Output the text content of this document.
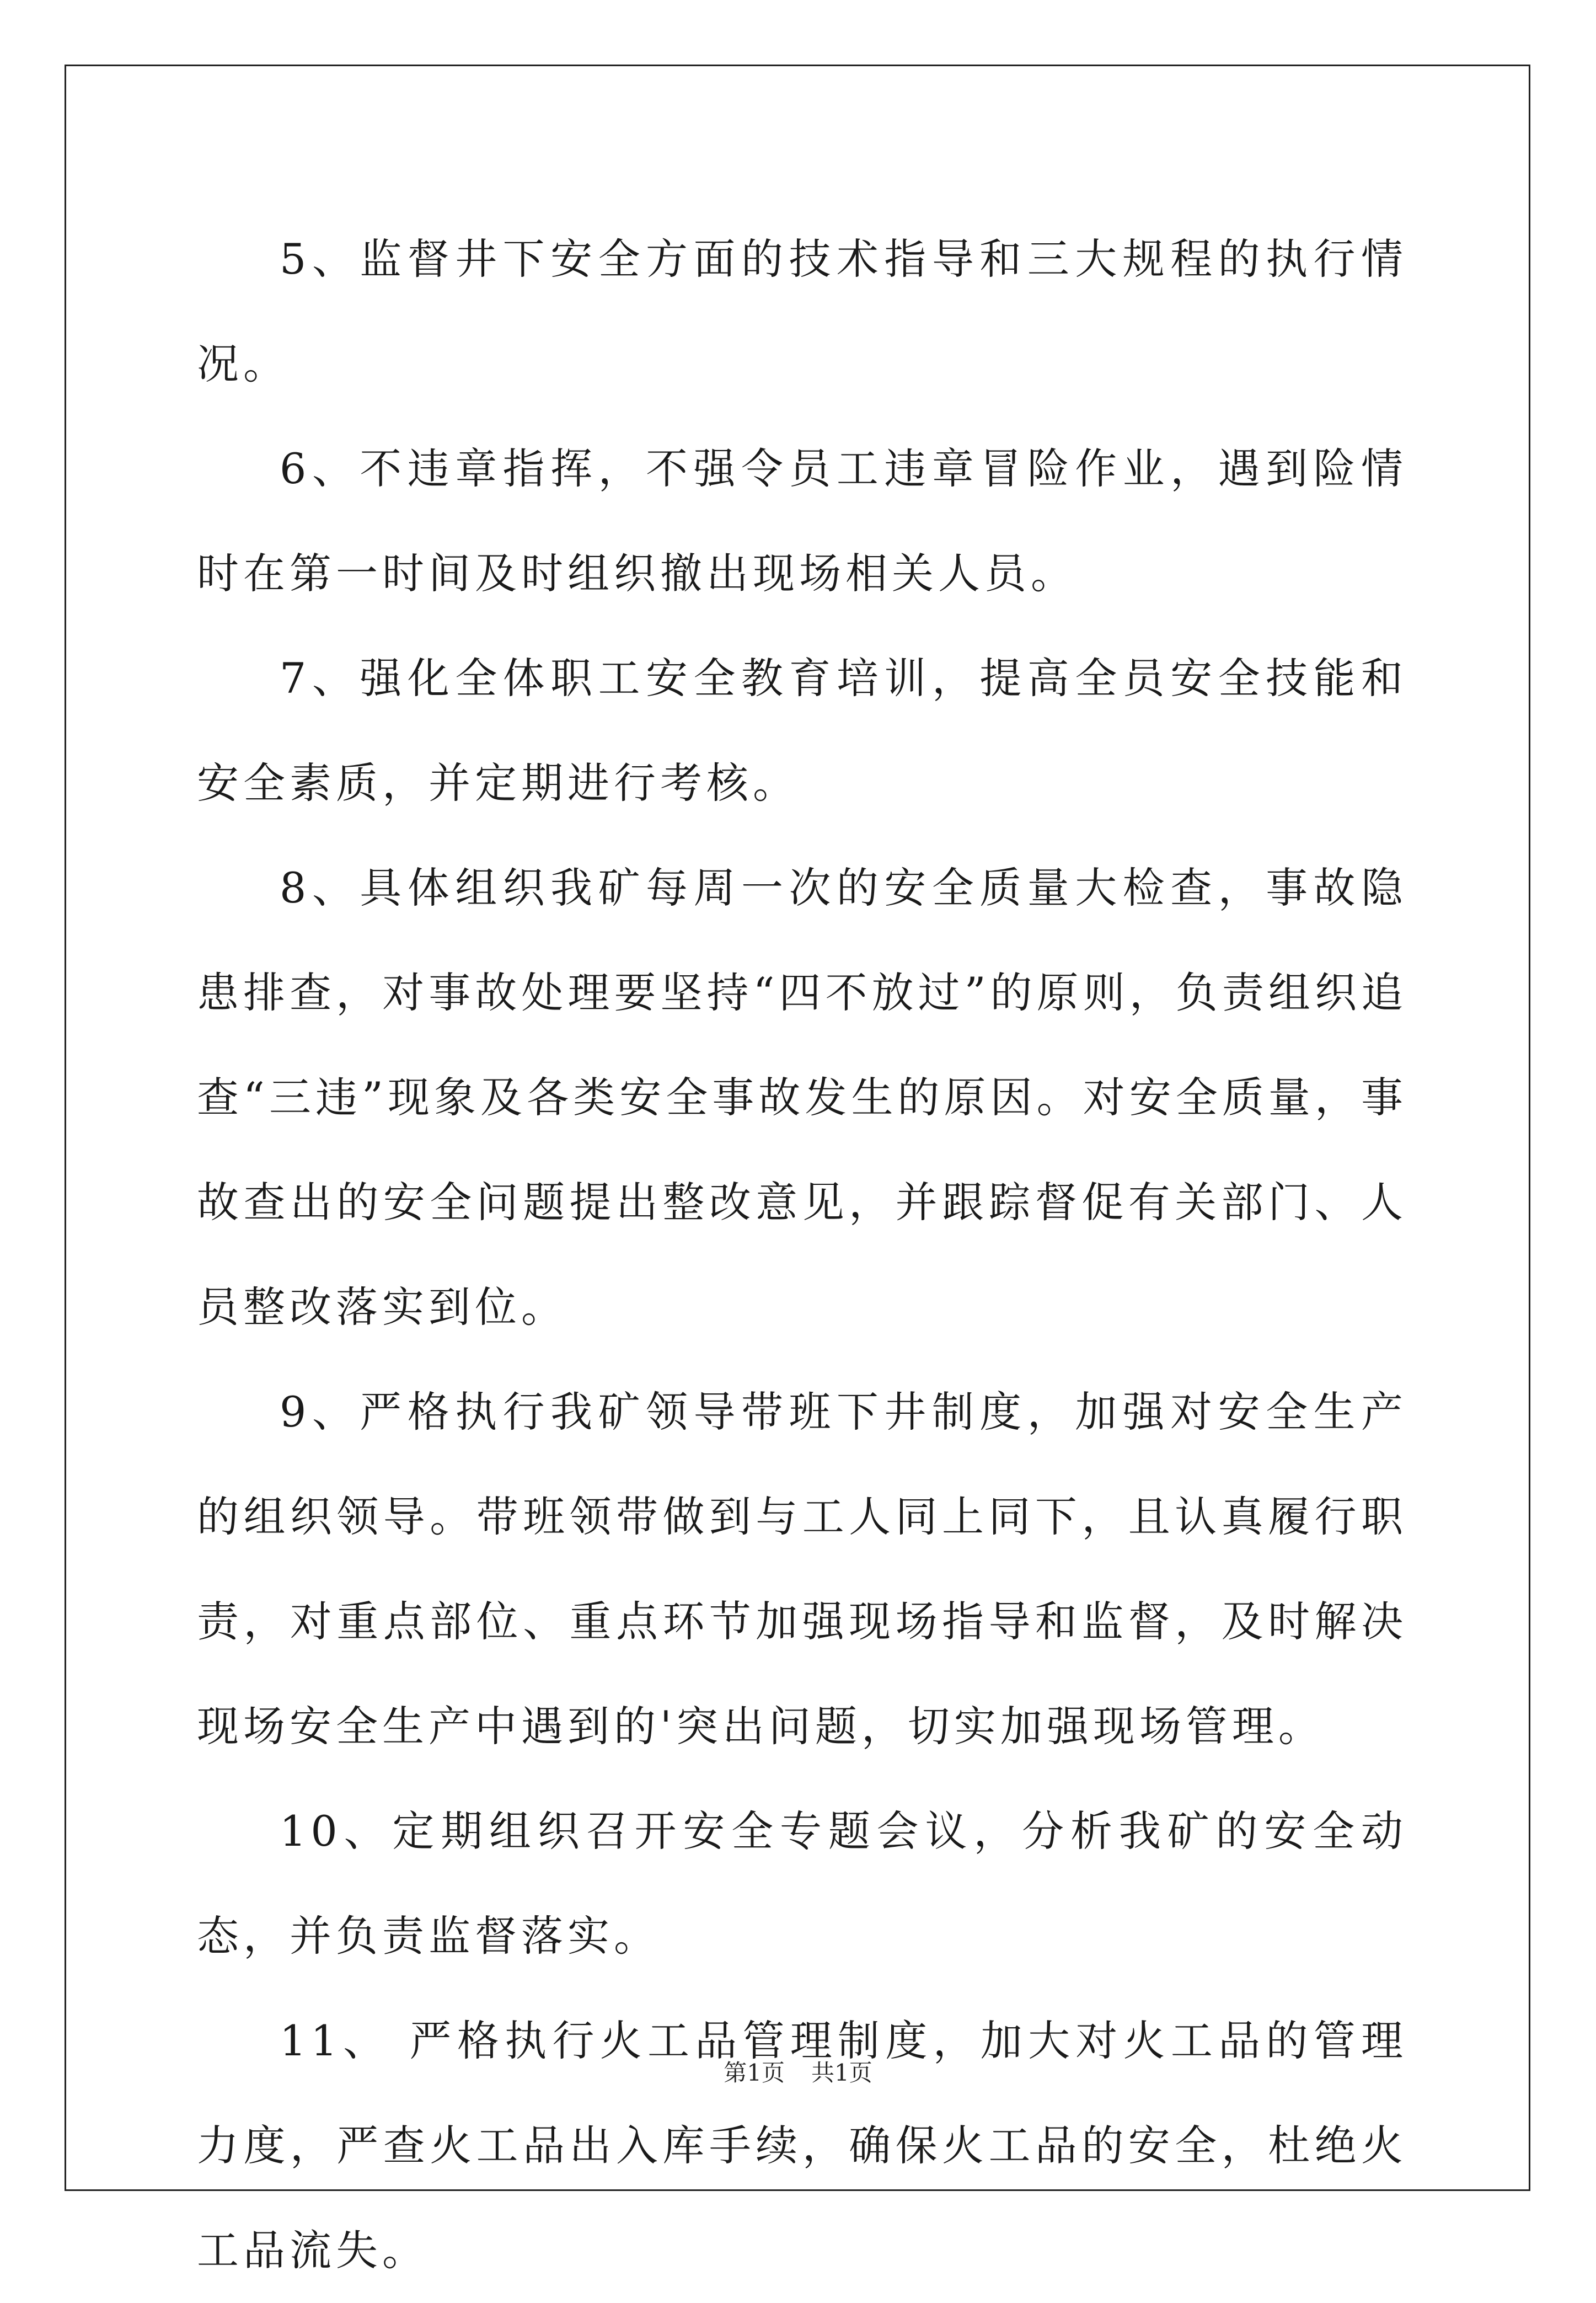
5、监督井下安全方面的技术指导和三大规程的执行情况。

6、不违章指挥，不强令员工违章冒险作业，遇到险情时在第一时间及时组织撤出现场相关人员。

7、强化全体职工安全教育培训，提高全员安全技能和安全素质，并定期进行考核。

8、具体组织我矿每周一次的安全质量大检查，事故隐患排查，对事故处理要坚持“四不放过”的原则，负责组织追查“三违”现象及各类安全事故发生的原因。对安全质量，事故查出的安全问题提出整改意见，并跟踪督促有关部门、人员整改落实到位。

9、严格执行我矿领导带班下井制度，加强对安全生产的组织领导。带班领带做到与工人同上同下，且认真履行职责，对重点部位、重点环节加强现场指导和监督，及时解决现场安全生产中遇到的'突出问题，切实加强现场管理。

10、定期组织召开安全专题会议，分析我矿的安全动态，并负责监督落实。

11、 严格执行火工品管理制度，加大对火工品的管理力度，严查火工品出入库手续，确保火工品的安全，杜绝火工品流失。

第1页 共1页
